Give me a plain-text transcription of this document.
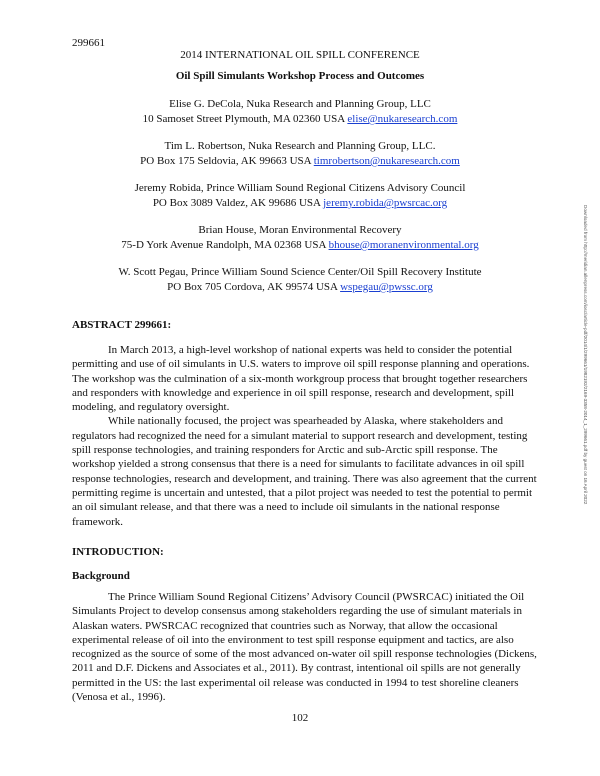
299661
2014 INTERNATIONAL OIL SPILL CONFERENCE
Oil Spill Simulants Workshop Process and Outcomes
Elise G. DeCola, Nuka Research and Planning Group, LLC
10 Samoset Street Plymouth, MA 02360 USA elise@nukaresearch.com
Tim L. Robertson, Nuka Research and Planning Group, LLC.
PO Box 175 Seldovia, AK 99663 USA timrobertson@nukaresearch.com
Jeremy Robida, Prince William Sound Regional Citizens Advisory Council
PO Box 3089 Valdez, AK 99686 USA jeremy.robida@pwsrcac.org
Brian House, Moran Environmental Recovery
75-D York Avenue Randolph, MA 02368 USA bhouse@moranenvironmental.org
W. Scott Pegau, Prince William Sound Science Center/Oil Spill Recovery Institute
PO Box 705 Cordova, AK 99574 USA wspegau@pwssc.org	Downloaded from http://meridian.allenpress.com/iosc/article-pdf/2014/1/299661/1982192/2169-3358-2014_1_299661.pdf by guest on 16 April 2022
ABSTRACT 299661:

In March 2013, a high-level workshop of national experts was held to consider the potential permitting and use of oil simulants in U.S. waters to improve oil spill response planning and operations. The workshop was the culmination of a six-month workgroup process that brought together researchers and responders with knowledge and experience in oil spill response, research and development, spill modeling, and regulatory oversight.

While nationally focused, the project was spearheaded by Alaska, where stakeholders and regulators had recognized the need for a simulant material to support research and development, testing spill response technologies, and training responders for Arctic and sub-Arctic spill response. The workshop yielded a strong consensus that there is a need for simulants to facilitate advances in oil spill response technologies, research and development, and training. There was also agreement that the current permitting regime is uncertain and untested, that a pilot project was needed to test the potential to permit an oil simulant release, and that there was a need to include oil simulants in the national response framework.

INTRODUCTION:
Background

The Prince William Sound Regional Citizens’ Advisory Council (PWSRCAC) initiated the Oil Simulants Project to develop consensus among stakeholders regarding the use of simulant materials in Alaskan waters. PWSRCAC recognized that countries such as Norway, that allow the occasional experimental release of oil into the environment to test spill response equipment and tactics, are also recognized as the source of some of the most advanced on-water oil spill response technologies (Dickens, 2011 and D.F. Dickens and Associates et al., 2011). By contrast, intentional oil spills are not generally permitted in the US: the last experimental oil release was conducted in 1994 to test shoreline cleaners (Venosa et al., 1996).

102
